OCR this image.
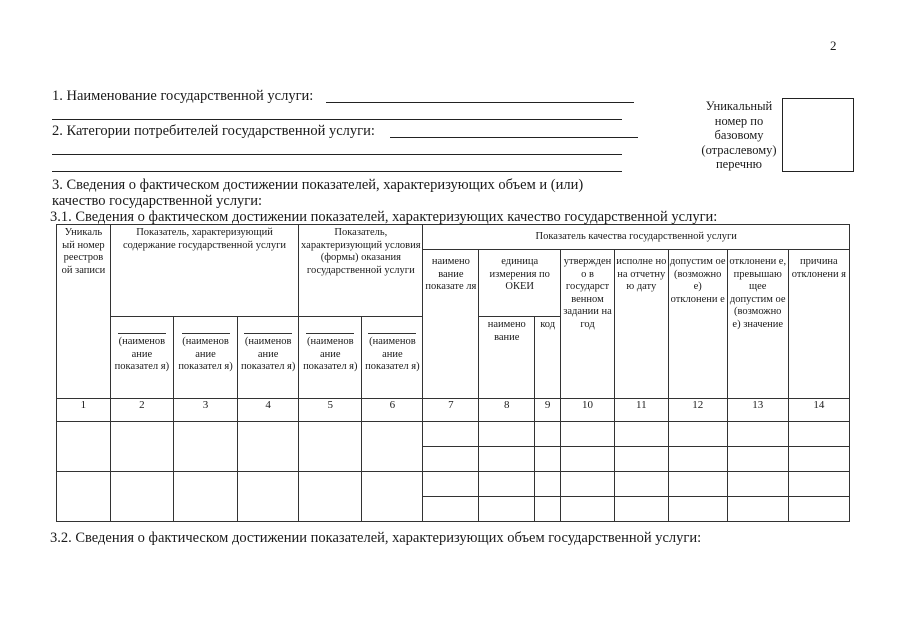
2
1. Наименование государственной услуги:
2. Категории потребителей государственной услуги:
Уникальный номер по базовому (отраслевому) перечню
3. Сведения о фактическом достижении показателей, характеризующих объем и (или)
качество государственной услуги:
3.1. Сведения о фактическом достижении показателей, характеризующих качество государственной услуги:
Уникаль ый номер реестров ой записи	Показатель, характеризующий содержание государственной услуги			Показатель, характеризующий условия (формы) оказания государственной услуги		Показатель качества государственной услуги							

						наимено вание показате ля	единица измерения по ОКЕИ		утвержден о в государст венном задании на год	исполне но на отчетну ю дату	допустим ое (возможно е) отклонени е	отклонени е, превышаю щее допустим ое (возможно е) значение	причина отклонени я

	(наименов ание показател я)	(наименов ание показател я)	(наименов ание показател я)	(наименов ание показател я)	(наименов ание показател я)		наимено вание	код					

1	2	3	4	5	6	7	8	9	10	11	12	13	14

3.2. Сведения о фактическом достижении показателей, характеризующих объем государственной услуги:
